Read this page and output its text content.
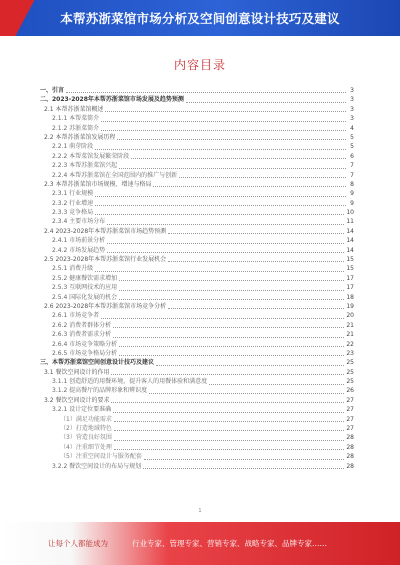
本帮苏浙菜馆市场分析及空间创意设计技巧及建议
内容目录
一、引言	3
二、2023-2028年本帮苏浙菜馆市场发展及趋势预测	3
2.1 本帮苏浙菜馆概述	3
2.1.1 本帮菜简介	3
2.1.2 苏浙菜简介	4
2.2 本帮苏浙菜馆发展历程	5
2.2.1 萌芽阶段	5
2.2.2 本帮菜馆发展繁荣阶段	6
2.2.3 本帮苏浙菜馆兴起	7
2.2.4 本帮苏浙菜馆在全国范围内的推广与创新	7
2.3 本帮苏浙菜馆市场规模、增速与格局	8
2.3.1 行业规模	9
2.3.2 行业增速	9
2.3.3 竞争格局	10
2.3.4 主要市场分布	11
2.4 2023-2028年本帮苏浙菜馆市场趋势预测	14
2.4.1 市场前景分析	14
2.4.2 市场发展趋势	14
2.5 2023-2028年本帮苏浙菜馆行业发展机会	15
2.5.1 消费升级	15
2.5.2 健康餐饮需求增加	17
2.5.3 互联网技术的应用	17
2.5.4 国际化发展的机会	18
2.6 2023-2028年本帮苏浙菜馆市场竞争分析	19
2.6.1 市场竞争者	20
2.6.2 消费者群体分析	21
2.6.3 消费者需求分析	21
2.6.4 市场竞争策略分析	22
2.6.5 市场竞争格局分析	23
三、本帮苏浙菜馆空间创意设计技巧及建议	25
3.1 餐饮空间设计的作用	25
3.1.1 创造舒适的用餐环境，提升客人的用餐体验和满意度	25
3.1.2 提高餐厅的品牌形象和辨识度	26
3.2 餐饮空间设计的要求	27
3.2.1 设计定位要准确	27
（1）满足功能需求	27
（2）打造地域特色	27
（3）营造良好氛围	28
（4）注重细节处理	28
（5）注重空间设计与服务配套	28
3.2.2 餐饮空间设计的布局与规划	28
1
让每个人都能成为	行业专家、管理专家、营销专家、战略专家、品牌专家……
